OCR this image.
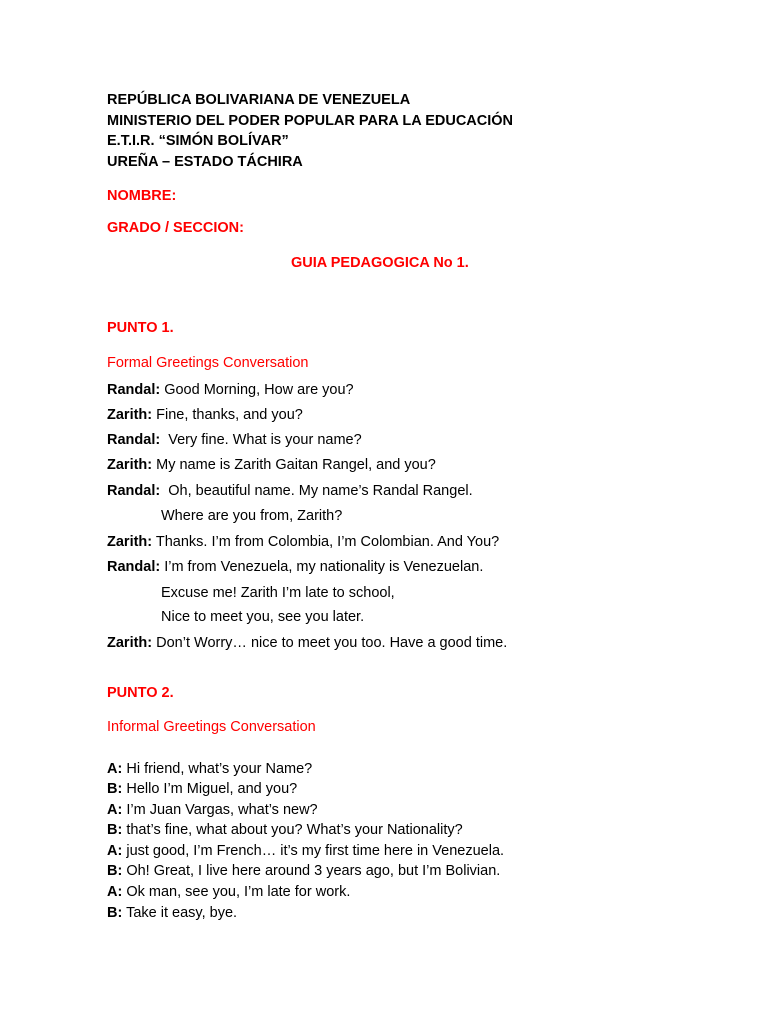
REPÚBLICA BOLIVARIANA DE VENEZUELA
MINISTERIO DEL PODER POPULAR PARA LA EDUCACIÓN
E.T.I.R. “SIMÓN BOLÍVAR”
UREÑA – ESTADO TÁCHIRA
NOMBRE:
GRADO / SECCION:
GUIA PEDAGOGICA No 1.
PUNTO 1.
Formal Greetings Conversation
Randal: Good Morning, How are you?
Zarith: Fine, thanks, and you?
Randal:  Very fine. What is your name?
Zarith: My name is Zarith Gaitan Rangel, and you?
Randal:  Oh, beautiful name. My name’s Randal Rangel.
Where are you from, Zarith?
Zarith: Thanks. I’m from Colombia, I’m Colombian. And You?
Randal: I’m from Venezuela, my nationality is Venezuelan.
Excuse me! Zarith I’m late to school,
Nice to meet you, see you later.
Zarith: Don’t Worry… nice to meet you too. Have a good time.
PUNTO 2.
Informal Greetings Conversation
A: Hi friend, what’s your Name?
B: Hello I’m Miguel, and you?
A: I’m Juan Vargas, what’s new?
B: that’s fine, what about you? What’s your Nationality?
A: just good, I’m French… it’s my first time here in Venezuela.
B: Oh! Great, I live here around 3 years ago, but I’m Bolivian.
A: Ok man, see you, I’m late for work.
B: Take it easy, bye.
